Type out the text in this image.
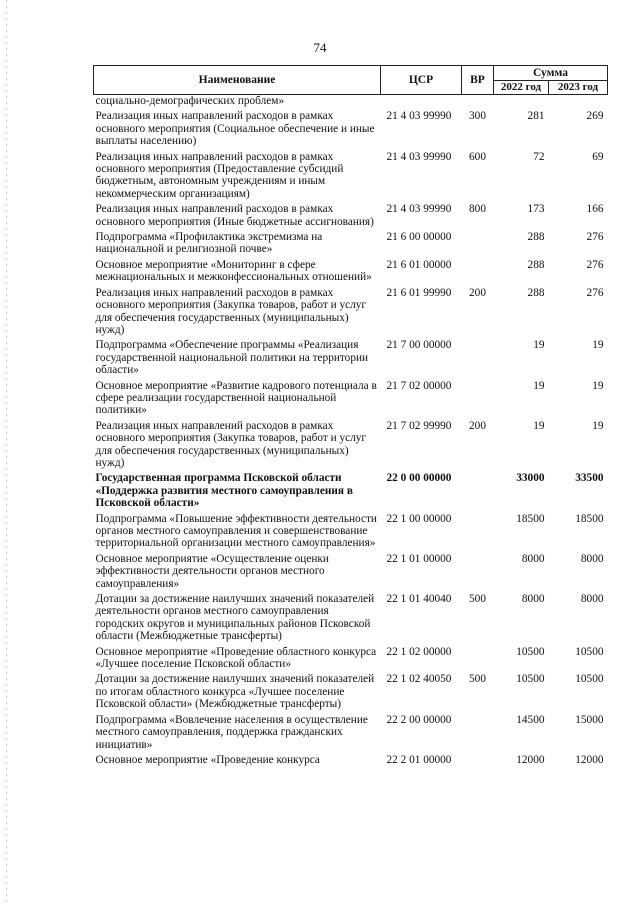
74
Наименование	ЦСР	ВР	Сумма	
			2022 год	2023 год
социально-демографических проблем»				
Реализация иных направлений расходов в рамках основного мероприятия (Социальное обеспечение и иные выплаты населению)	21 4 03 99990	300	281	269
Реализация иных направлений расходов в рамках основного мероприятия (Предоставление субсидий бюджетным, автономным учреждениям и иным некоммерческим организациям)	21 4 03 99990	600	72	69
Реализация иных направлений расходов в рамках основного мероприятия (Иные бюджетные ассигнования)	21 4 03 99990	800	173	166
Подпрограмма «Профилактика экстремизма на национальной и религиозной почве»	21 6 00 00000		288	276
Основное мероприятие «Мониторинг в сфере межнациональных и межконфессиональных отношений»	21 6 01 00000		288	276
Реализация иных направлений расходов в рамках основного мероприятия (Закупка товаров, работ и услуг для обеспечения государственных (муниципальных) нужд)	21 6 01 99990	200	288	276
Подпрограмма «Обеспечение программы «Реализация государственной национальной политики на территории области»	21 7 00 00000		19	19
Основное мероприятие «Развитие кадрового потенциала в сфере реализации государственной национальной политики»	21 7 02 00000		19	19
Реализация иных направлений расходов в рамках основного мероприятия (Закупка товаров, работ и услуг для обеспечения государственных (муниципальных) нужд)	21 7 02 99990	200	19	19
Государственная программа Псковской области «Поддержка развития местного самоуправления в Псковской области»	22 0 00 00000		33000	33500
Подпрограмма «Повышение эффективности деятельности органов местного самоуправления и совершенствование территориальной организации местного самоуправления»	22 1 00 00000		18500	18500
Основное мероприятие «Осуществление оценки эффективности деятельности органов местного самоуправления»	22 1 01 00000		8000	8000
Дотации за достижение наилучших значений показателей деятельности органов местного самоуправления городских округов и муниципальных районов Псковской области (Межбюджетные трансферты)	22 1 01 40040	500	8000	8000
Основное мероприятие «Проведение областного конкурса «Лучшее поселение Псковской области»	22 1 02 00000		10500	10500
Дотации за достижение наилучших значений показателей по итогам областного конкурса «Лучшее поселение Псковской области» (Межбюджетные трансферты)	22 1 02 40050	500	10500	10500
Подпрограмма «Вовлечение населения в осуществление местного самоуправления, поддержка гражданских инициатив»	22 2 00 00000		14500	15000
Основное мероприятие «Проведение конкурса	22 2 01 00000		12000	12000
